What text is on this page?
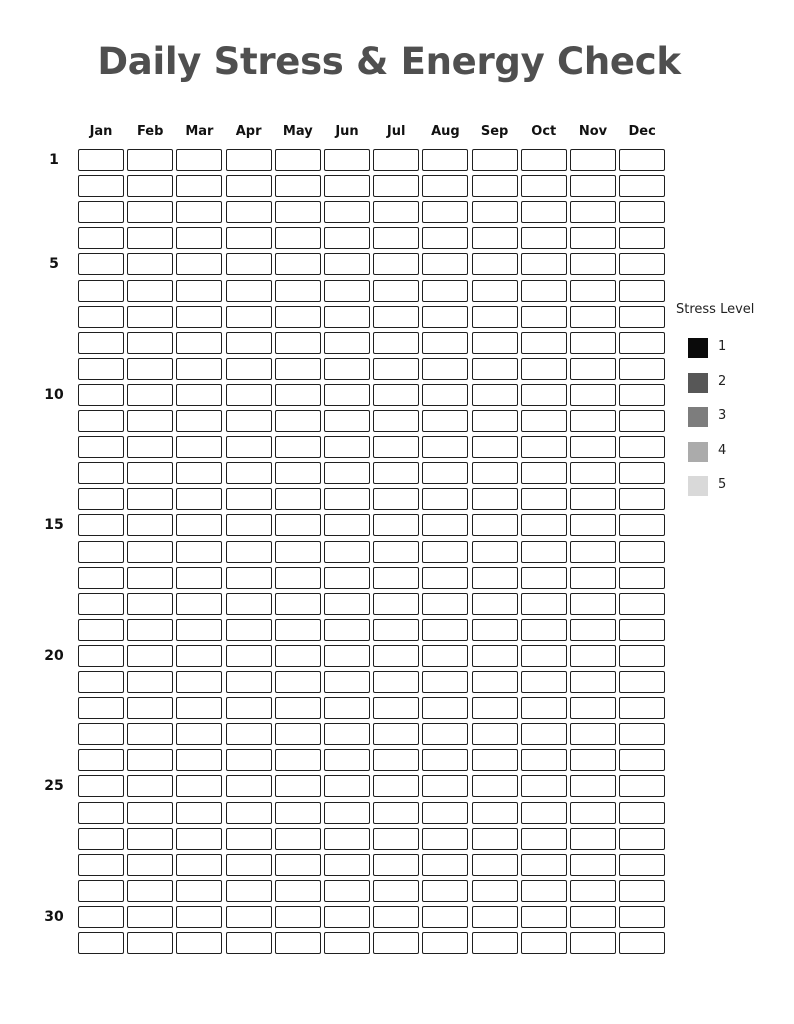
Daily Stress & Energy Check
Jan	Feb	Mar	Apr	May	Jun	Jul	Aug	Sep	Oct	Nov	Dec
1
5
10
15
20
25
30
Stress Level
1
2
3
4
5
